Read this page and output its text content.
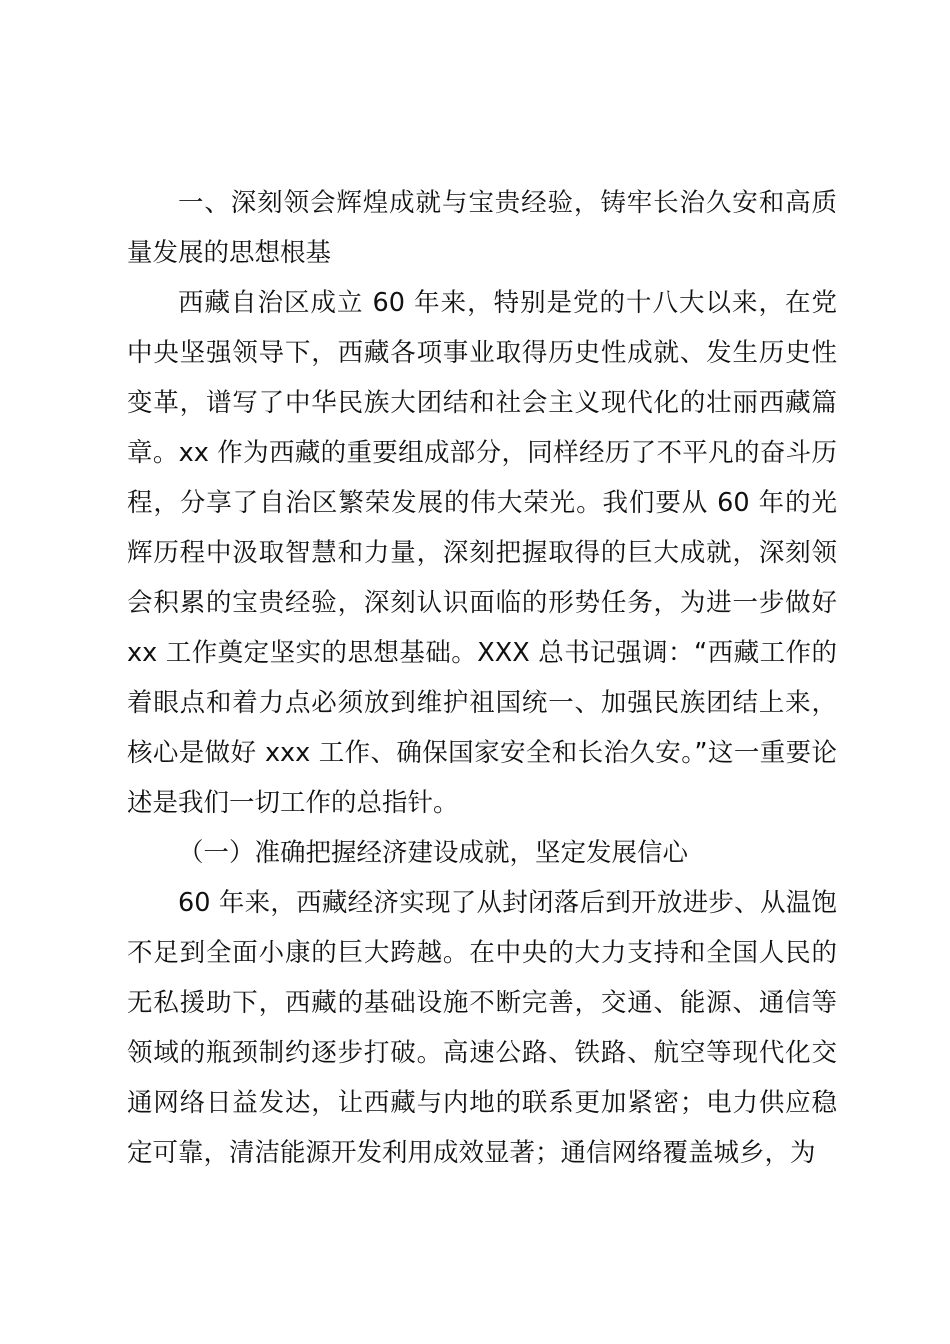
一、深刻领会辉煌成就与宝贵经验，铸牢长治久安和高质量发展的思想根基

西藏自治区成立 60 年来，特别是党的十八大以来，在党中央坚强领导下，西藏各项事业取得历史性成就、发生历史性变革，谱写了中华民族大团结和社会主义现代化的壮丽西藏篇章。xx 作为西藏的重要组成部分，同样经历了不平凡的奋斗历程，分享了自治区繁荣发展的伟大荣光。我们要从 60 年的光辉历程中汲取智慧和力量，深刻把握取得的巨大成就，深刻领会积累的宝贵经验，深刻认识面临的形势任务，为进一步做好 xx 工作奠定坚实的思想基础。XXX 总书记强调：“西藏工作的着眼点和着力点必须放到维护祖国统一、加强民族团结上来，核心是做好 xxx 工作、确保国家安全和长治久安。”这一重要论述是我们一切工作的总指针。

（一）准确把握经济建设成就，坚定发展信心

60 年来，西藏经济实现了从封闭落后到开放进步、从温饱不足到全面小康的巨大跨越。在中央的大力支持和全国人民的无私援助下，西藏的基础设施不断完善，交通、能源、通信等领域的瓶颈制约逐步打破。高速公路、铁路、航空等现代化交通网络日益发达，让西藏与内地的联系更加紧密；电力供应稳定可靠，清洁能源开发利用成效显著；通信网络覆盖城乡，为
